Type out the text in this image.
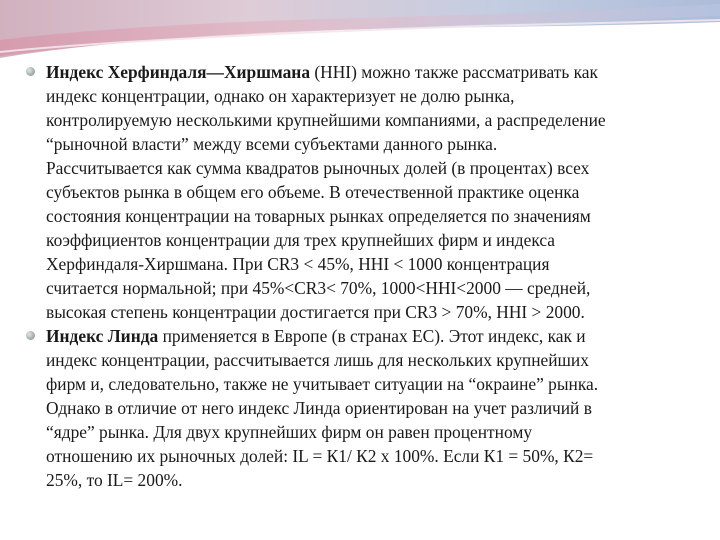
Индекс Херфиндаля—Хиршмана (HHI) можно также рассматривать как
индекс концентрации, однако он характеризует не долю рынка,
контролируемую несколькими крупнейшими компаниями, а распределение
“рыночной власти” между всеми субъектами данного рынка.
Рассчитывается как сумма квадратов рыночных долей (в процентах) всех
субъектов рынка в общем его объеме. В отечественной практике оценка
состояния концентрации на товарных рынках определяется по значениям
коэффициентов концентрации для трех крупнейших фирм и индекса
Херфиндаля-Хиршмана. При CR3 < 45%, HHI < 1000 концентрация
считается нормальной; при 45%<CR3< 70%, 1000<HHI<2000 — средней,
высокая степень концентрации достигается при CR3 > 70%, HHI > 2000.
Индекс Линда применяется в Европе (в странах ЕС). Этот индекс, как и
индекс концентрации, рассчитывается лишь для нескольких крупнейших
фирм и, следовательно, также не учитывает ситуации на “окраине” рынка.
Однако в отличие от него индекс Линда ориентирован на учет различий в
“ядре” рынка. Для двух крупнейших фирм он равен процентному
отношению их рыночных долей: IL = К1/ К2 х 100%. Если К1 = 50%, К2=
25%, то IL= 200%.
